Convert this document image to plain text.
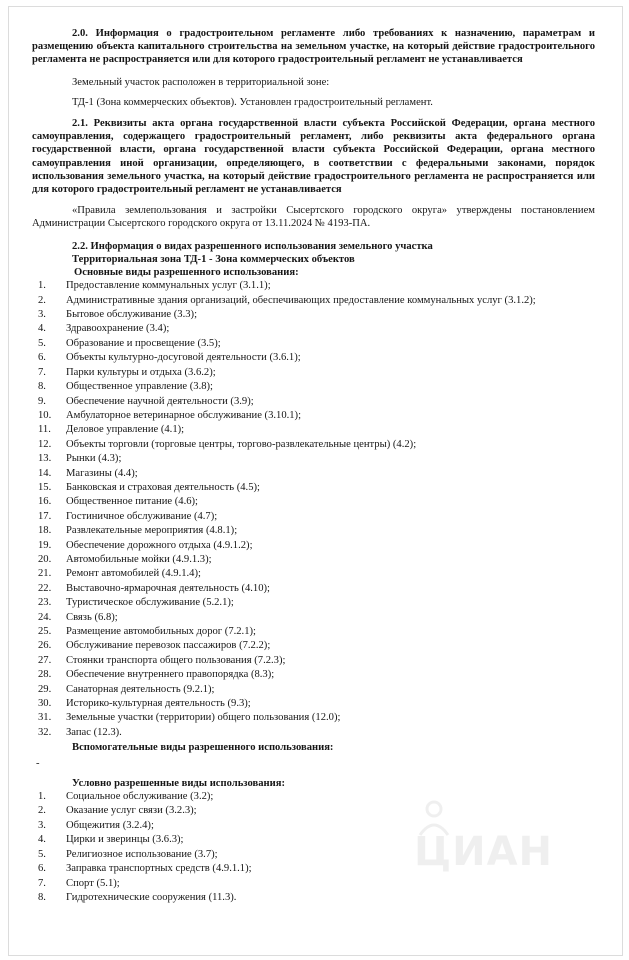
2.0. Информация о градостроительном регламенте либо требованиях к назначению, параметрам и размещению объекта капитального строительства на земельном участке, на который действие градостроительного регламента не распространяется или для которого градостроительный регламент не устанавливается

Земельный участок расположен в территориальной зоне:

ТД-1 (Зона коммерческих объектов). Установлен градостроительный регламент.

2.1. Реквизиты акта органа государственной власти субъекта Российской Федерации, органа местного самоуправления, содержащего градостроительный регламент, либо реквизиты акта федерального органа государственной власти, органа государственной власти субъекта Российской Федерации, органа местного самоуправления иной организации, определяющего, в соответствии с федеральными законами, порядок использования земельного участка, на который действие градостроительного регламента не распространяется или для которого градостроительный регламент не устанавливается

«Правила землепользования и застройки Сысертского городского округа» утверждены постановлением Администрации Сысертского городского округа от 13.11.2024 № 4193-ПА.

2.2. Информация о видах разрешенного использования земельного участка

Территориальная зона ТД-1 - Зона коммерческих объектов

Основные виды разрешенного использования:

1. Предоставление коммунальных услуг (3.1.1);
2. Административные здания организаций, обеспечивающих предоставление коммунальных услуг (3.1.2);
3. Бытовое обслуживание (3.3);
4. Здравоохранение (3.4);
5. Образование и просвещение (3.5);
6. Объекты культурно-досуговой деятельности (3.6.1);
7. Парки культуры и отдыха (3.6.2);
8. Общественное управление (3.8);
9. Обеспечение научной деятельности (3.9);
10. Амбулаторное ветеринарное обслуживание (3.10.1);
11. Деловое управление (4.1);
12. Объекты торговли (торговые центры, торгово-развлекательные центры) (4.2);
13. Рынки (4.3);
14. Магазины (4.4);
15. Банковская и страховая деятельность (4.5);
16. Общественное питание (4.6);
17. Гостиничное обслуживание (4.7);
18. Развлекательные мероприятия (4.8.1);
19. Обеспечение дорожного отдыха (4.9.1.2);
20. Автомобильные мойки (4.9.1.3);
21. Ремонт автомобилей (4.9.1.4);
22. Выставочно-ярмарочная деятельность (4.10);
23. Туристическое обслуживание (5.2.1);
24. Связь (6.8);
25. Размещение автомобильных дорог (7.2.1);
26. Обслуживание перевозок пассажиров (7.2.2);
27. Стоянки транспорта общего пользования (7.2.3);
28. Обеспечение внутреннего правопорядка (8.3);
29. Санаторная деятельность (9.2.1);
30. Историко-культурная деятельность (9.3);
31. Земельные участки (территории) общего пользования (12.0);
32. Запас (12.3).

Вспомогательные виды разрешенного использования:

-

Условно разрешенные виды использования:

1. Социальное обслуживание (3.2);
2. Оказание услуг связи (3.2.3);
3. Общежития (3.2.4);
4. Цирки и зверинцы (3.6.3);
5. Религиозное использование (3.7);
6. Заправка транспортных средств (4.9.1.1);
7. Спорт (5.1);
8. Гидротехнические сооружения (11.3).
ЦИАН
